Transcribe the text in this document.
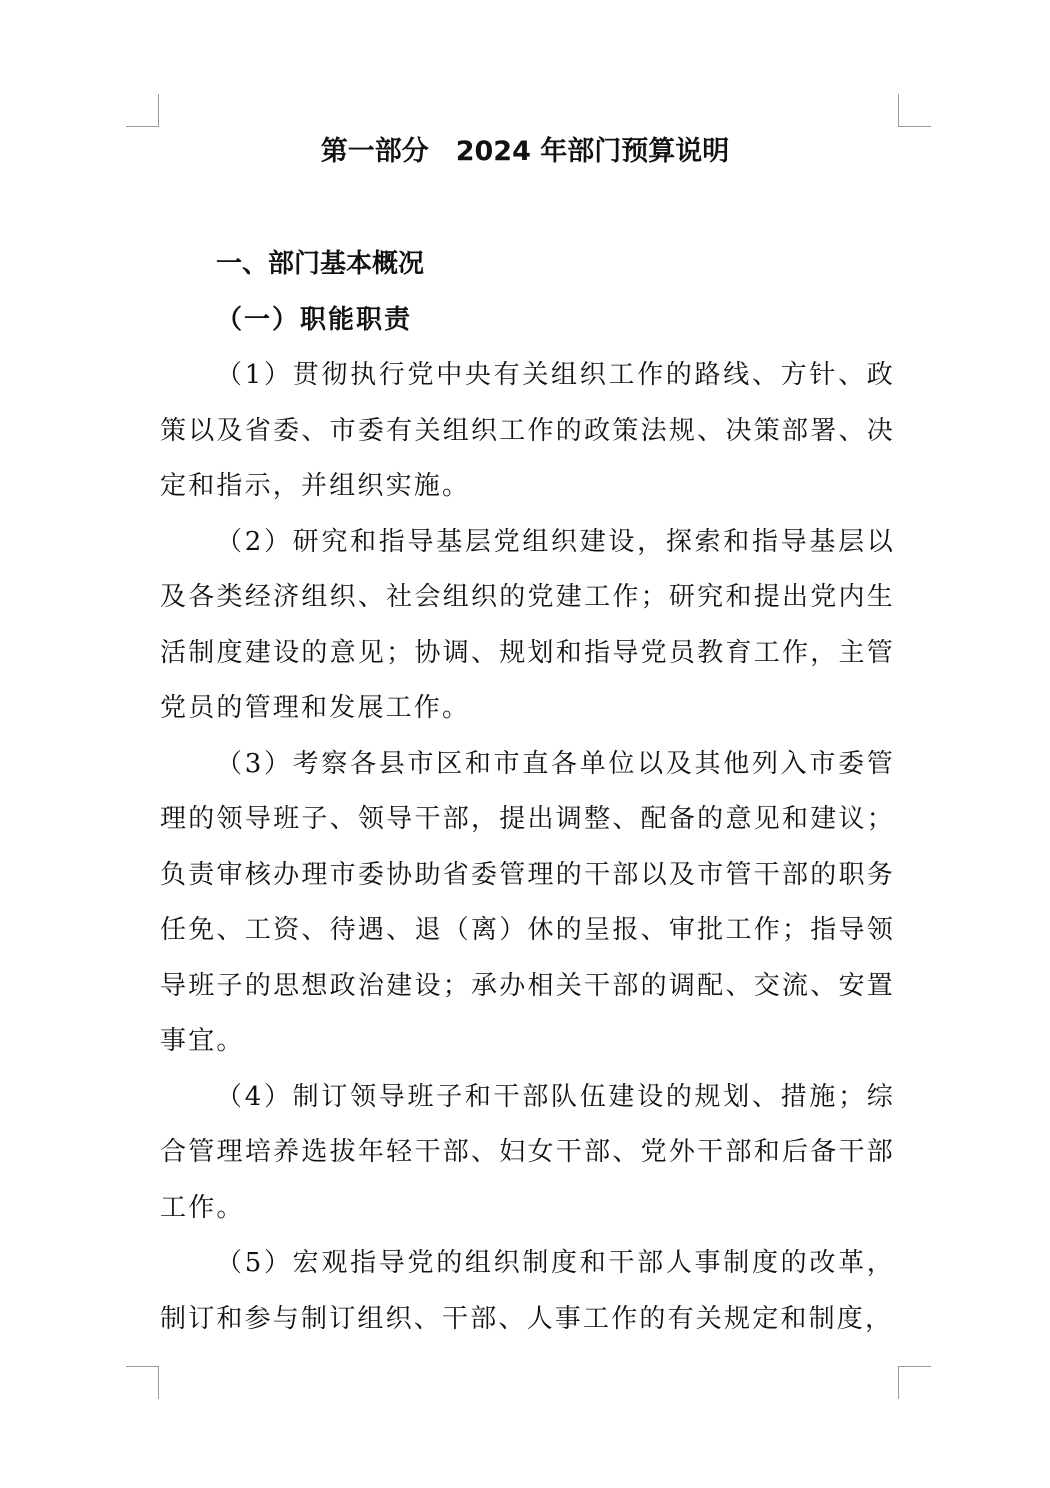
第一部分　2024 年部门预算说明
一、部门基本概况
（一）职能职责

（1）贯彻执行党中央有关组织工作的路线、方针、政策以及省委、市委有关组织工作的政策法规、决策部署、决定和指示，并组织实施。

（2）研究和指导基层党组织建设，探索和指导基层以及各类经济组织、社会组织的党建工作；研究和提出党内生活制度建设的意见；协调、规划和指导党员教育工作，主管党员的管理和发展工作。

（3）考察各县市区和市直各单位以及其他列入市委管理的领导班子、领导干部，提出调整、配备的意见和建议；负责审核办理市委协助省委管理的干部以及市管干部的职务任免、工资、待遇、退（离）休的呈报、审批工作；指导领导班子的思想政治建设；承办相关干部的调配、交流、安置事宜。

（4）制订领导班子和干部队伍建设的规划、措施；综合管理培养选拔年轻干部、妇女干部、党外干部和后备干部工作。

（5）宏观指导党的组织制度和干部人事制度的改革，制订和参与制订组织、干部、人事工作的有关规定和制度，
